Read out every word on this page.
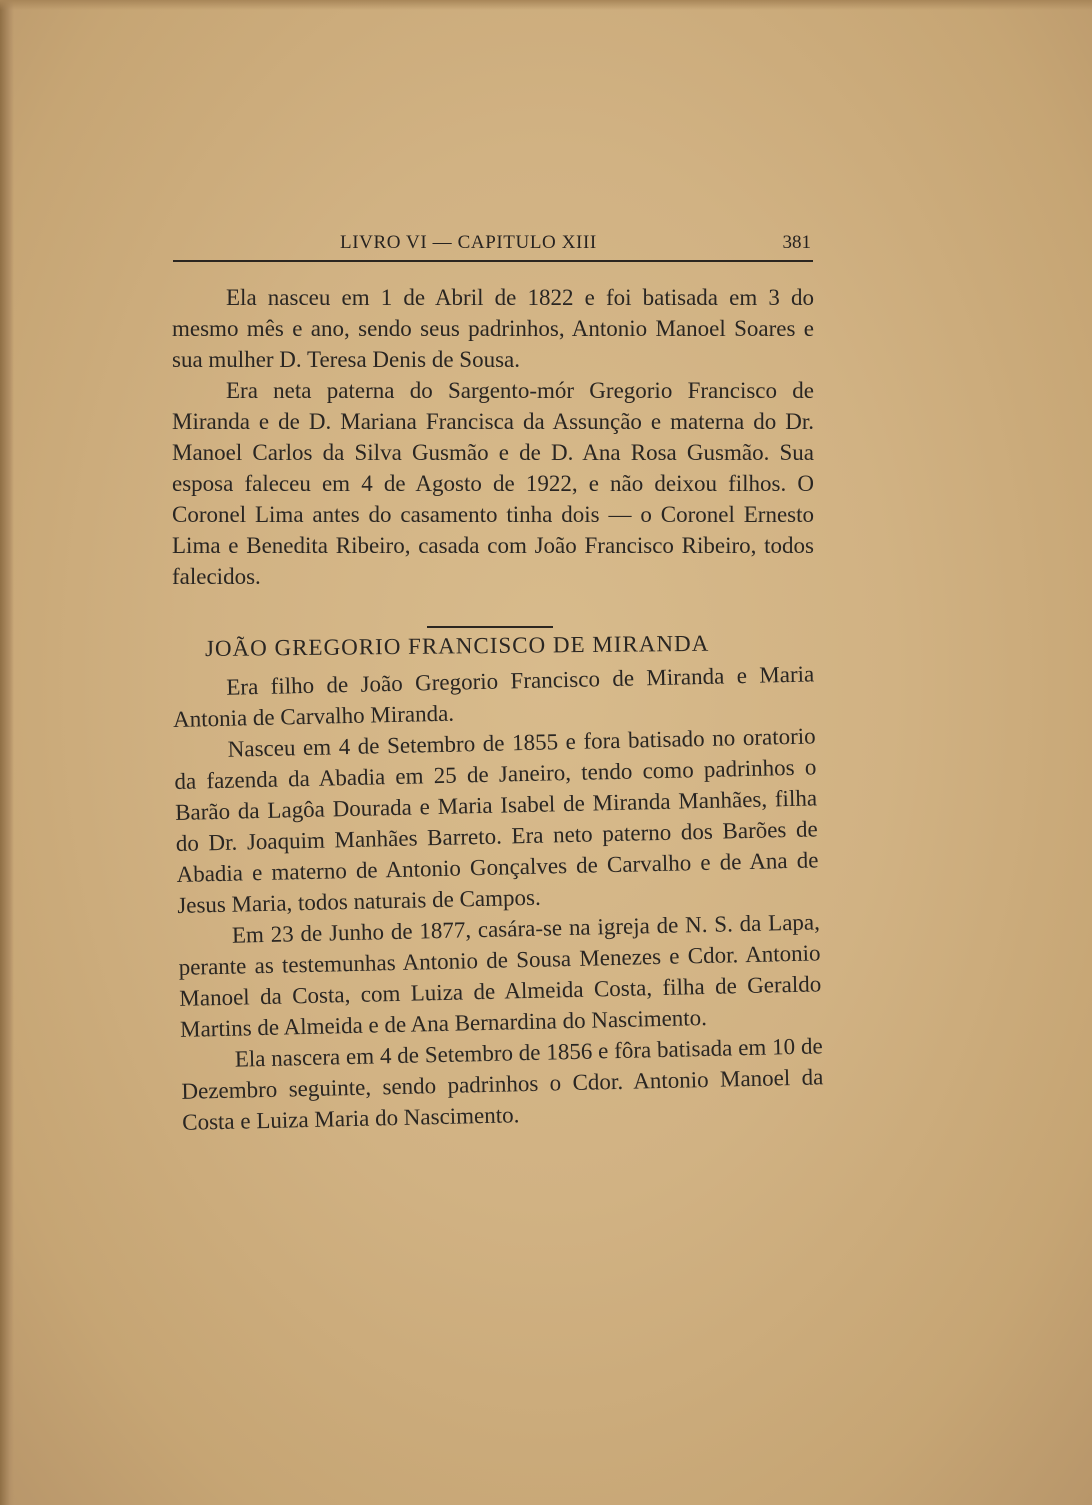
LIVRO VI — CAPITULO XIII	381

Ela nasceu em 1 de Abril de 1822 e foi batisada em 3 do mesmo mês e ano, sendo seus padrinhos, Antonio Manoel Soares e sua mulher D. Teresa Denis de Sousa.

Era neta paterna do Sargento-mór Gregorio Francisco de Miranda e de D. Mariana Francisca da Assunção e materna do Dr. Manoel Carlos da Silva Gusmão e de D. Ana Rosa Gusmão. Sua esposa faleceu em 4 de Agosto de 1922, e não deixou filhos. O Coronel Lima antes do casamento tinha dois — o Coronel Ernesto Lima e Benedita Ribeiro, casada com João Francisco Ribeiro, todos falecidos.

JOÃO GREGORIO FRANCISCO DE MIRANDA

Era filho de João Gregorio Francisco de Miranda e Maria Antonia de Carvalho Miranda.

Nasceu em 4 de Setembro de 1855 e fora batisado no oratorio da fazenda da Abadia em 25 de Janeiro, tendo como padrinhos o Barão da Lagôa Dourada e Maria Isabel de Miranda Manhães, filha do Dr. Joaquim Manhães Barreto. Era neto paterno dos Barões de Abadia e materno de Antonio Gonçalves de Carvalho e de Ana de Jesus Maria, todos naturais de Campos.

Em 23 de Junho de 1877, casára-se na igreja de N. S. da Lapa, perante as testemunhas Antonio de Sousa Menezes e Cdor. Antonio Manoel da Costa, com Luiza de Almeida Costa, filha de Geraldo Martins de Almeida e de Ana Bernardina do Nascimento.

Ela nascera em 4 de Setembro de 1856 e fôra batisada em 10 de Dezembro seguinte, sendo padrinhos o Cdor. Antonio Manoel da Costa e Luiza Maria do Nascimento.
